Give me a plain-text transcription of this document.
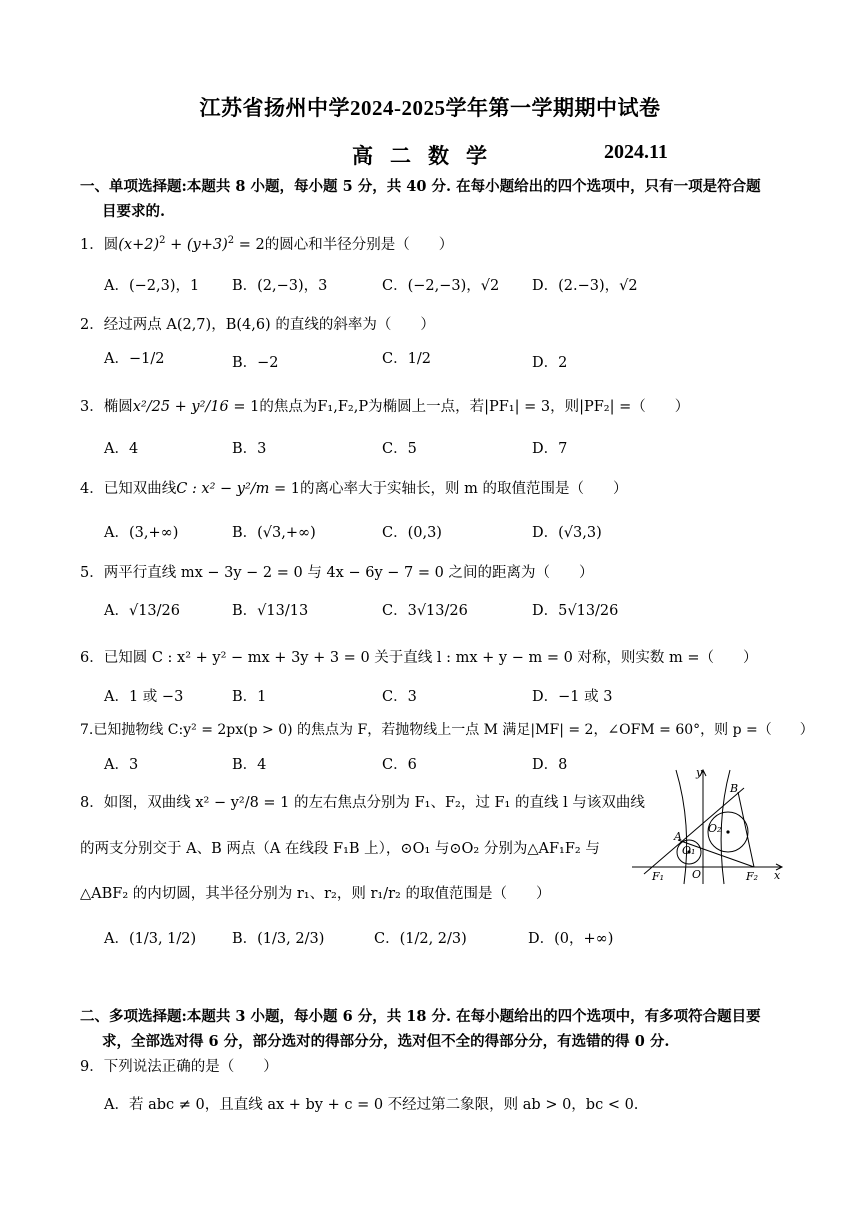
江苏省扬州中学2024-2025学年第一学期期中试卷
高二数学	2024.11
一、单项选择题:本题共 8 小题，每小题 5 分，共 40 分. 在每小题给出的四个选项中，只有一项是符合题
目要求的.
1．圆$(x+2)^2 + (y+3)^2 = 2$的圆心和半径分别是（　　）
A．(−2,3)，1 B．(2,−3)，3	C．(−2,−3)，√2 D．(2.−3)，√2
2．经过两点 A(2,7)，B(4,6) 的直线的斜率为（　　）
A．−1/2	B．−2	C．1/2	D．2
3．椭圆x²/25 + y²/16 = 1的焦点为F₁,F₂,P为椭圆上一点，若|PF₁| = 3，则|PF₂| =（　　）
A．4	B．3	C．5	D．7
4．已知双曲线C : x² − y²/m = 1的离心率大于实轴长，则 m 的取值范围是（　　）
A．(3,+∞)	B．(√3,+∞)	C．(0,3)	D．(√3,3)
5．两平行直线 mx − 3y − 2 = 0 与 4x − 6y − 7 = 0 之间的距离为（　　）
A．√13/26	B．√13/13	C．3√13/26	D．5√13/26
6．已知圆 C : x² + y² − mx + 3y + 3 = 0 关于直线 l : mx + y − m = 0 对称，则实数 m =（　　）
A．1 或 −3	B．1	C．3	D．−1 或 3
7.已知抛物线 C:y² = 2px(p > 0) 的焦点为 F，若抛物线上一点 M 满足|MF| = 2，∠OFM = 60°，则 p =（　　）
A．3	B．4	C．6	D．8
8．如图，双曲线 x² − y²/8 = 1 的左右焦点分别为 F₁、F₂，过 F₁ 的直线 l 与该双曲线
的两支分别交于 A、B 两点（A 在线段 F₁B 上），⊙O₁ 与⊙O₂ 分别为△AF₁F₂ 与
△ABF₂ 的内切圆，其半径分别为 r₁、r₂，则 r₁/r₂ 的取值范围是（　　）
A．(1/3, 1/2) B．(1/3, 2/3)	C．(1/2, 2/3)	D．(0，+∞)
y
B
O₂
A
O₁
F₁	O	F₂ x
二、多项选择题:本题共 3 小题，每小题 6 分，共 18 分. 在每小题给出的四个选项中，有多项符合题目要
求，全部选对得 6 分，部分选对的得部分分，选对但不全的得部分分，有选错的得 0 分.
9．下列说法正确的是（　　）
A．若 abc ≠ 0，且直线 ax + by + c = 0 不经过第二象限，则 ab > 0，bc < 0.
